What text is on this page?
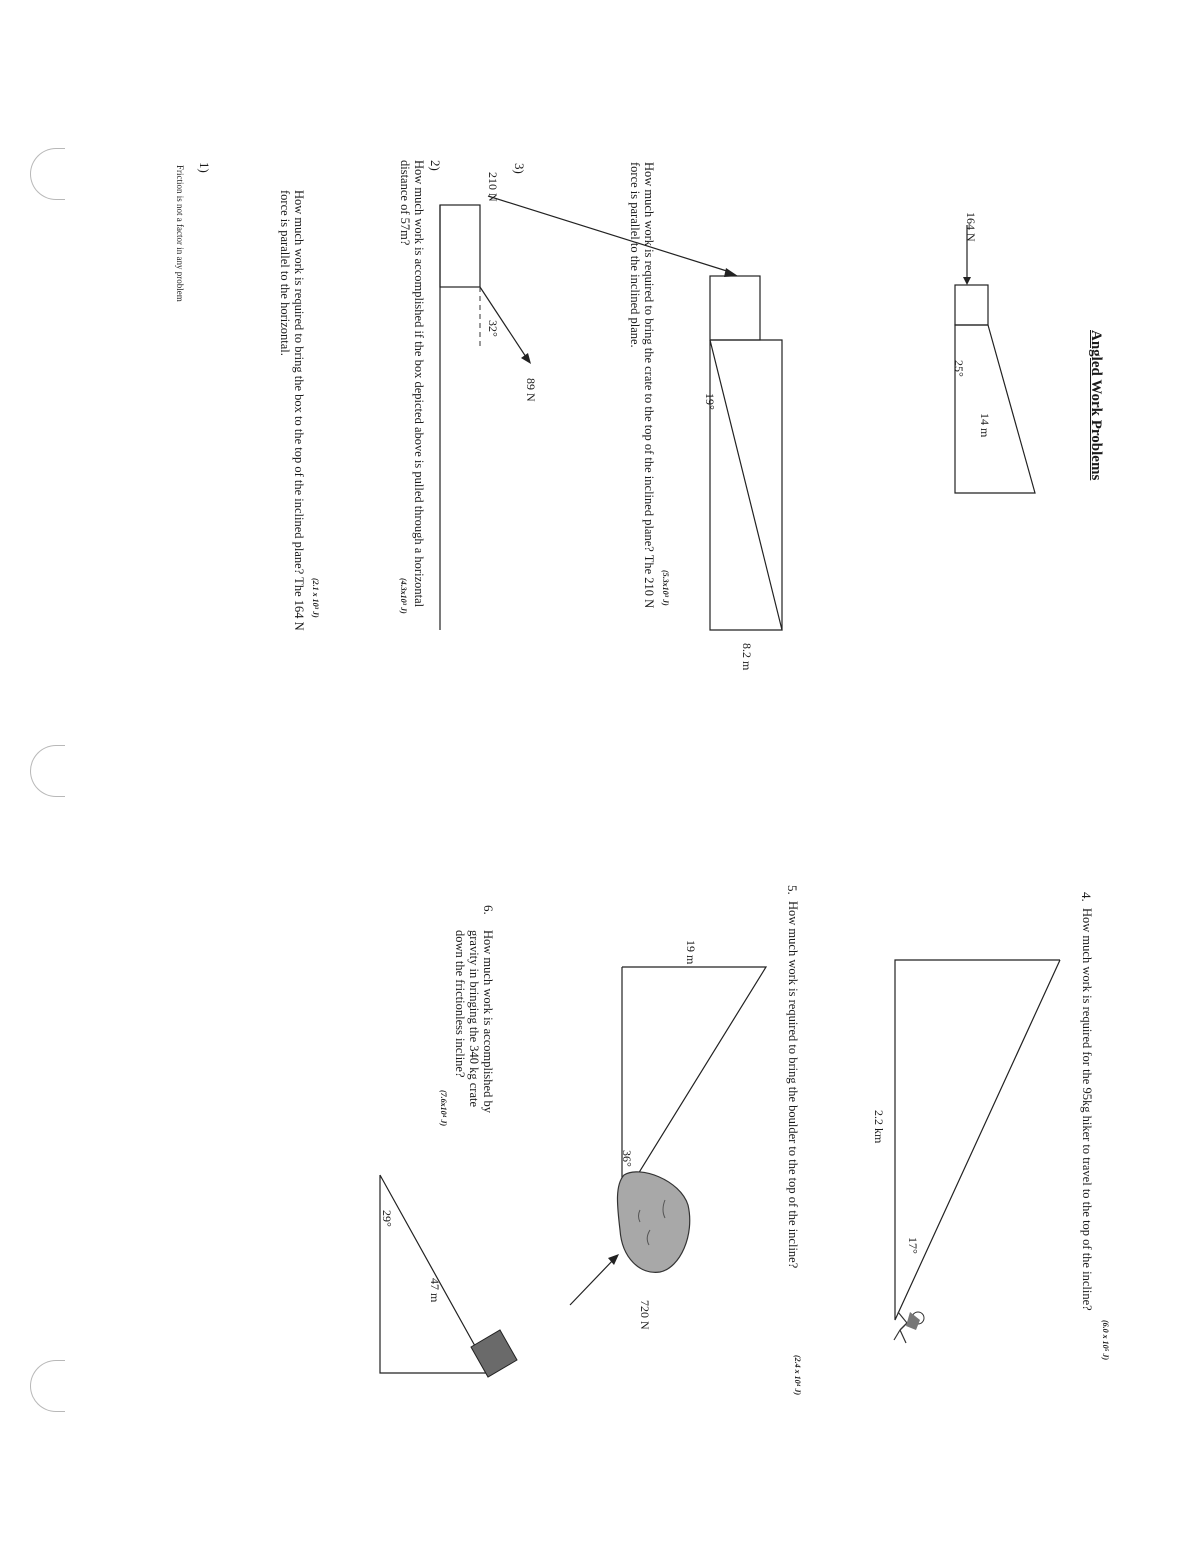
Angled Work Problems
Friction is not a factor in any problem 1)
164 N
25°
14 m
How much work is required to bring the box to the top of the inclined plane? The 164 N
force is parallel to the horizontal.
(2.1 x 10³ J)
2)
210 N
19°
8.2 m
How much work is required to bring the crate to the top of the inclined plane? The 210 N
force is parallel to the inclined plane.
(5.3x10³ J)
3)
32°
89 N
How much work is accomplished if the box depicted above is pulled through a horizontal
distance of 57m?
(4.3x10³ J)
4.
How much work is required for the 95kg hiker to travel to the top of the incline?
(6.0 x 10⁵ J)
2.2 km
17°
5.
How much work is required to bring the boulder to the top of the incline?
(2.4 x 10⁴ J)
19 m
36°
720 N
6.
How much work is accomplished by
gravity in bringing the 340 kg crate
down the frictionless incline?
(7.6x10⁴ J)
29°
47 m
